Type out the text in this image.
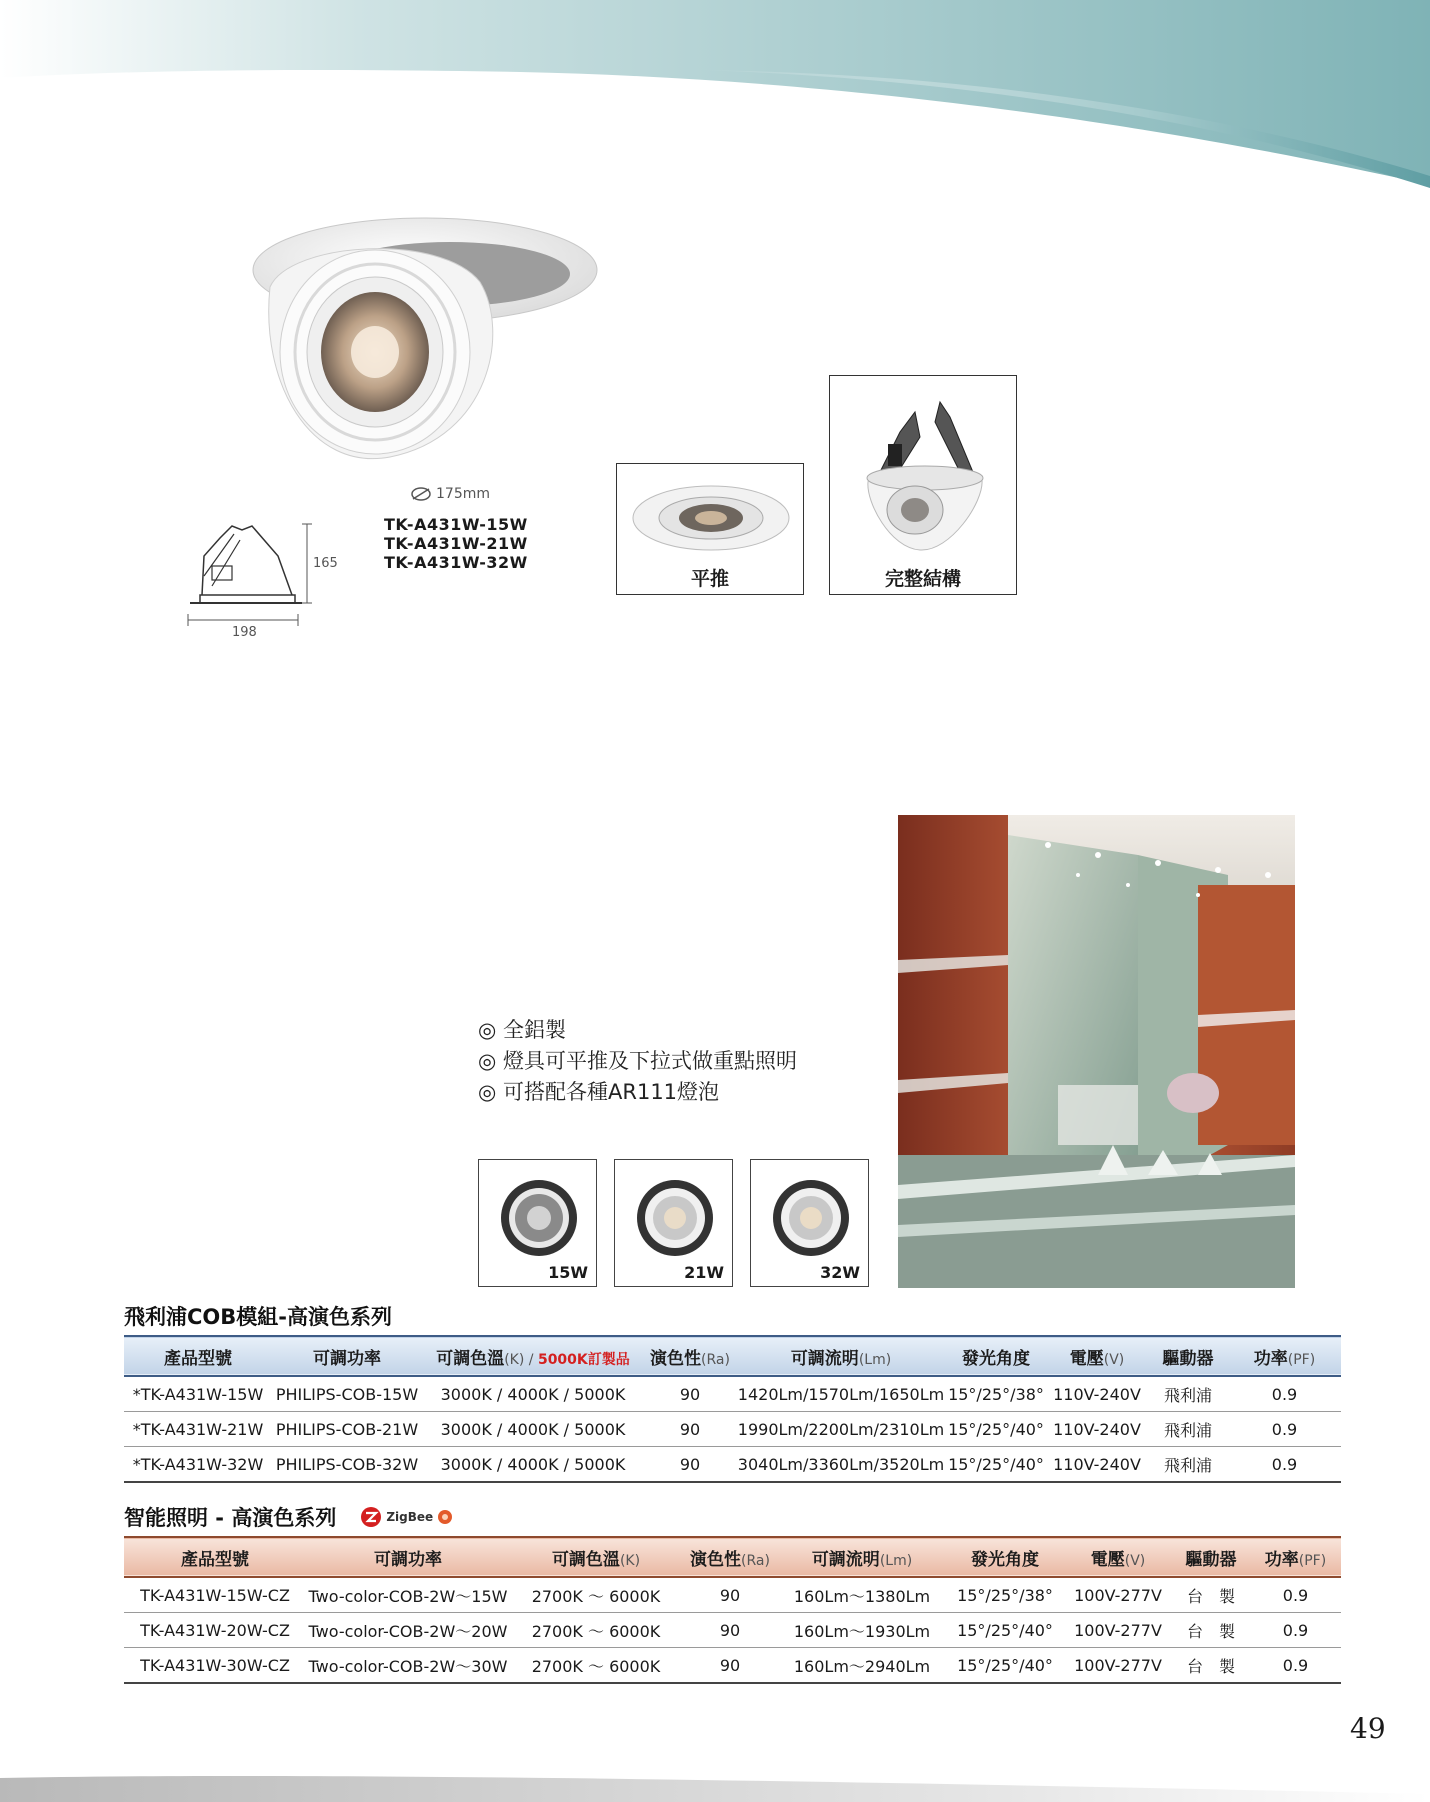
175mm
TK-A431W-15W
TK-A431W-21W
TK-A431W-32W
165
198
平推	完整結構
◎ 全鋁製
◎ 燈具可平推及下拉式做重點照明
◎ 可搭配各種AR111燈泡
15W	21W	32W
飛利浦COB模組-高演色系列
產品型號	可調功率	可調色溫(K) / 5000K訂製品	演色性(Ra)	可調流明(Lm)	發光角度	電壓(V)	驅動器	功率(PF)
*TK-A431W-15W	PHILIPS-COB-15W	3000K / 4000K / 5000K	90	1420Lm/1570Lm/1650Lm	15°/25°/38°	110V-240V	飛利浦	0.9
*TK-A431W-21W	PHILIPS-COB-21W	3000K / 4000K / 5000K	90	1990Lm/2200Lm/2310Lm	15°/25°/40°	110V-240V	飛利浦	0.9
*TK-A431W-32W	PHILIPS-COB-32W	3000K / 4000K / 5000K	90	3040Lm/3360Lm/3520Lm	15°/25°/40°	110V-240V	飛利浦	0.9
智能照明 - 高演色系列	ZigBee
產品型號	可調功率	可調色溫(K)	演色性(Ra)	可調流明(Lm)	發光角度	電壓(V)	驅動器	功率(PF)
TK-A431W-15W-CZ	Two-color-COB-2W～15W	2700K ～ 6000K	90	160Lm～1380Lm	15°/25°/38°	100V-277V	台　製	0.9
TK-A431W-20W-CZ	Two-color-COB-2W～20W	2700K ～ 6000K	90	160Lm～1930Lm	15°/25°/40°	100V-277V	台　製	0.9
TK-A431W-30W-CZ	Two-color-COB-2W～30W	2700K ～ 6000K	90	160Lm～2940Lm	15°/25°/40°	100V-277V	台　製	0.9
49
